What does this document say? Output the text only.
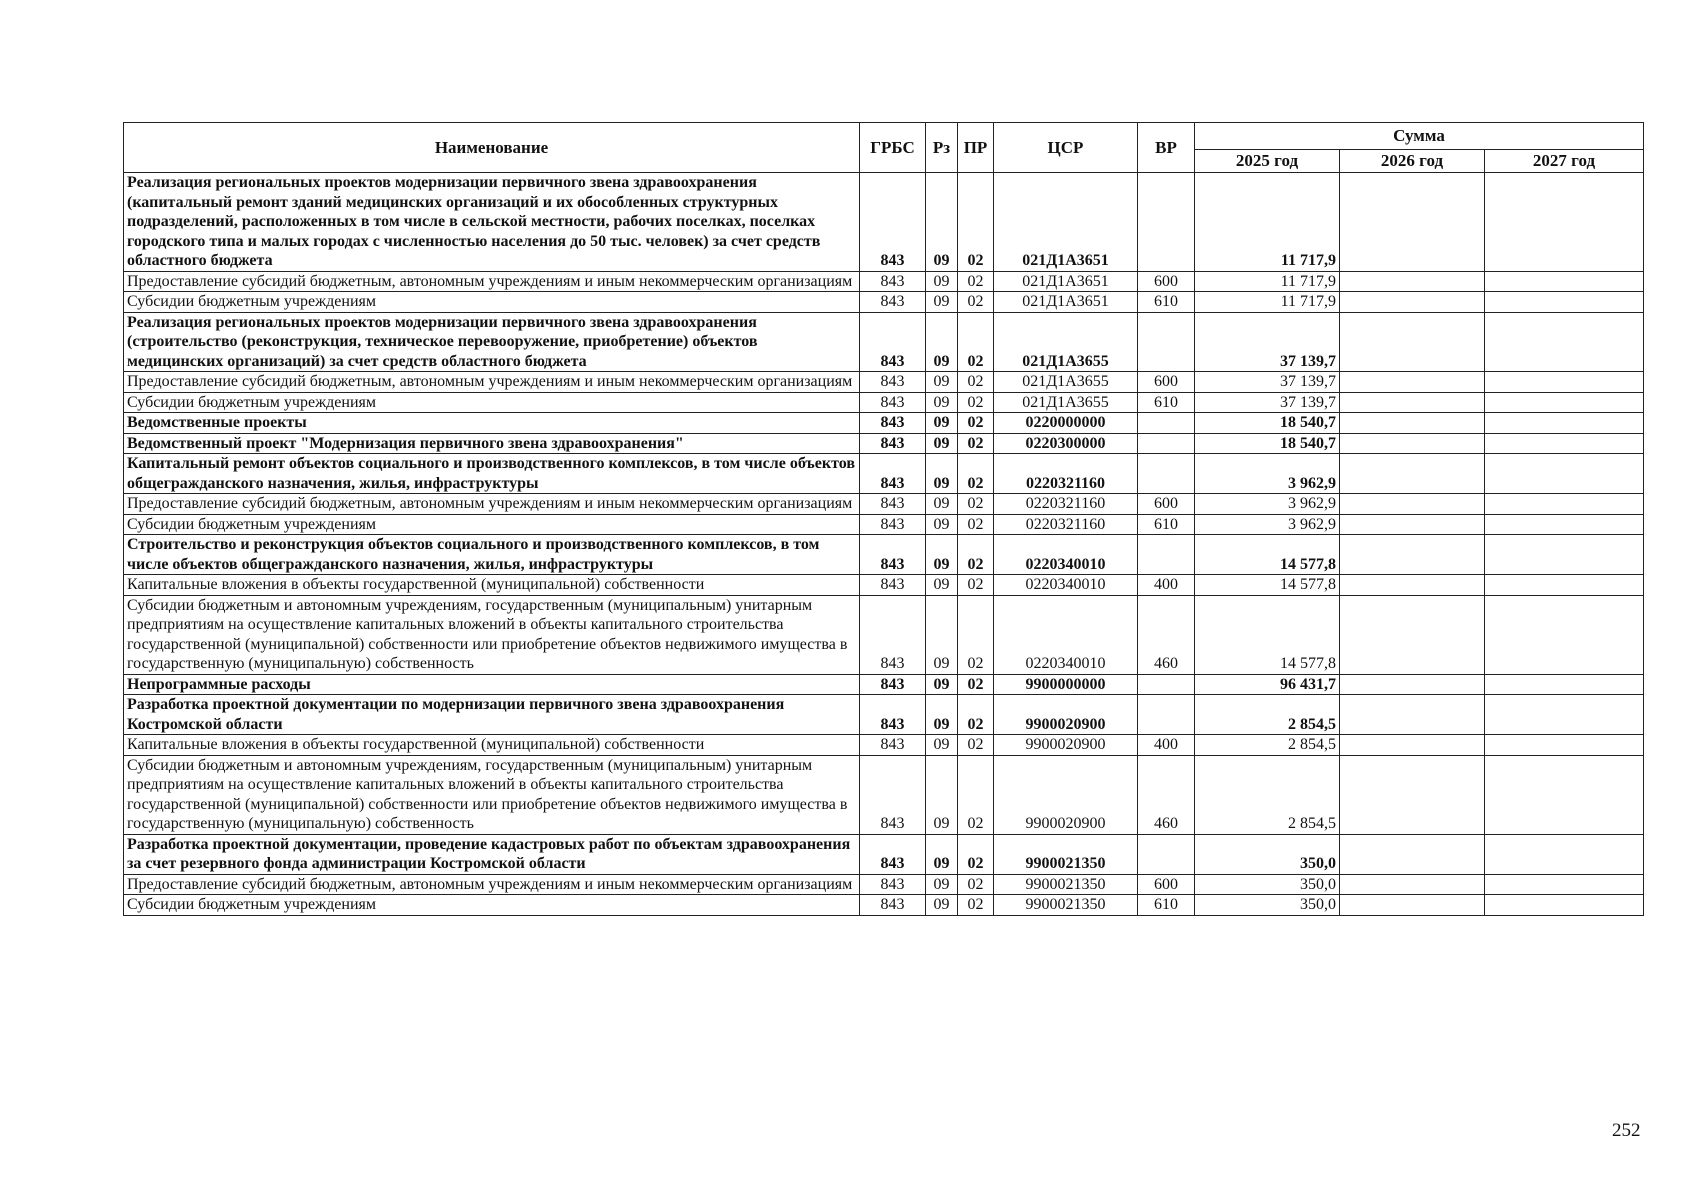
Наименование	ГРБС	Рз	ПР	ЦСР	ВР	Сумма		
						2025 год	2026 год	2027 год
Реализация региональных проектов модернизации первичного звена здравоохранения (капитальный ремонт зданий медицинских организаций и их обособленных структурных подразделений, расположенных в том числе в сельской местности, рабочих поселках, поселках городского типа и малых городах с численностью населения до 50 тыс. человек) за счет средств областного бюджета	843	09	02	021Д1А3651		11 717,9		
Предоставление субсидий бюджетным, автономным учреждениям и иным некоммерческим организациям	843	09	02	021Д1А3651	600	11 717,9		
Субсидии бюджетным учреждениям	843	09	02	021Д1А3651	610	11 717,9		
Реализация региональных проектов модернизации первичного звена здравоохранения (строительство (реконструкция, техническое перевооружение, приобретение) объектов медицинских организаций) за счет средств областного бюджета	843	09	02	021Д1А3655		37 139,7		
Предоставление субсидий бюджетным, автономным учреждениям и иным некоммерческим организациям	843	09	02	021Д1А3655	600	37 139,7		
Субсидии бюджетным учреждениям	843	09	02	021Д1А3655	610	37 139,7		
Ведомственные проекты	843	09	02	0220000000		18 540,7		
Ведомственный проект "Модернизация первичного звена здравоохранения"	843	09	02	0220300000		18 540,7		
Капитальный ремонт объектов социального и производственного комплексов, в том числе объектов общегражданского назначения, жилья, инфраструктуры	843	09	02	0220321160		3 962,9		
Предоставление субсидий бюджетным, автономным учреждениям и иным некоммерческим организациям	843	09	02	0220321160	600	3 962,9		
Субсидии бюджетным учреждениям	843	09	02	0220321160	610	3 962,9		
Строительство и реконструкция объектов социального и производственного комплексов, в том числе объектов общегражданского назначения, жилья, инфраструктуры	843	09	02	0220340010		14 577,8		
Капитальные вложения в объекты государственной (муниципальной) собственности	843	09	02	0220340010	400	14 577,8		
Субсидии бюджетным и автономным учреждениям, государственным (муниципальным) унитарным предприятиям на осуществление капитальных вложений в объекты капитального строительства государственной (муниципальной) собственности или приобретение объектов недвижимого имущества в государственную (муниципальную) собственность	843	09	02	0220340010	460	14 577,8		
Непрограммные расходы	843	09	02	9900000000		96 431,7		
Разработка проектной документации по модернизации первичного звена здравоохранения Костромской области	843	09	02	9900020900		2 854,5		
Капитальные вложения в объекты государственной (муниципальной) собственности	843	09	02	9900020900	400	2 854,5		
Субсидии бюджетным и автономным учреждениям, государственным (муниципальным) унитарным предприятиям на осуществление капитальных вложений в объекты капитального строительства государственной (муниципальной) собственности или приобретение объектов недвижимого имущества в государственную (муниципальную) собственность	843	09	02	9900020900	460	2 854,5		
Разработка проектной документации, проведение кадастровых работ по объектам здравоохранения за счет резервного фонда администрации Костромской области	843	09	02	9900021350		350,0		
Предоставление субсидий бюджетным, автономным учреждениям и иным некоммерческим организациям	843	09	02	9900021350	600	350,0		
Субсидии бюджетным учреждениям	843	09	02	9900021350	610	350,0		
252
